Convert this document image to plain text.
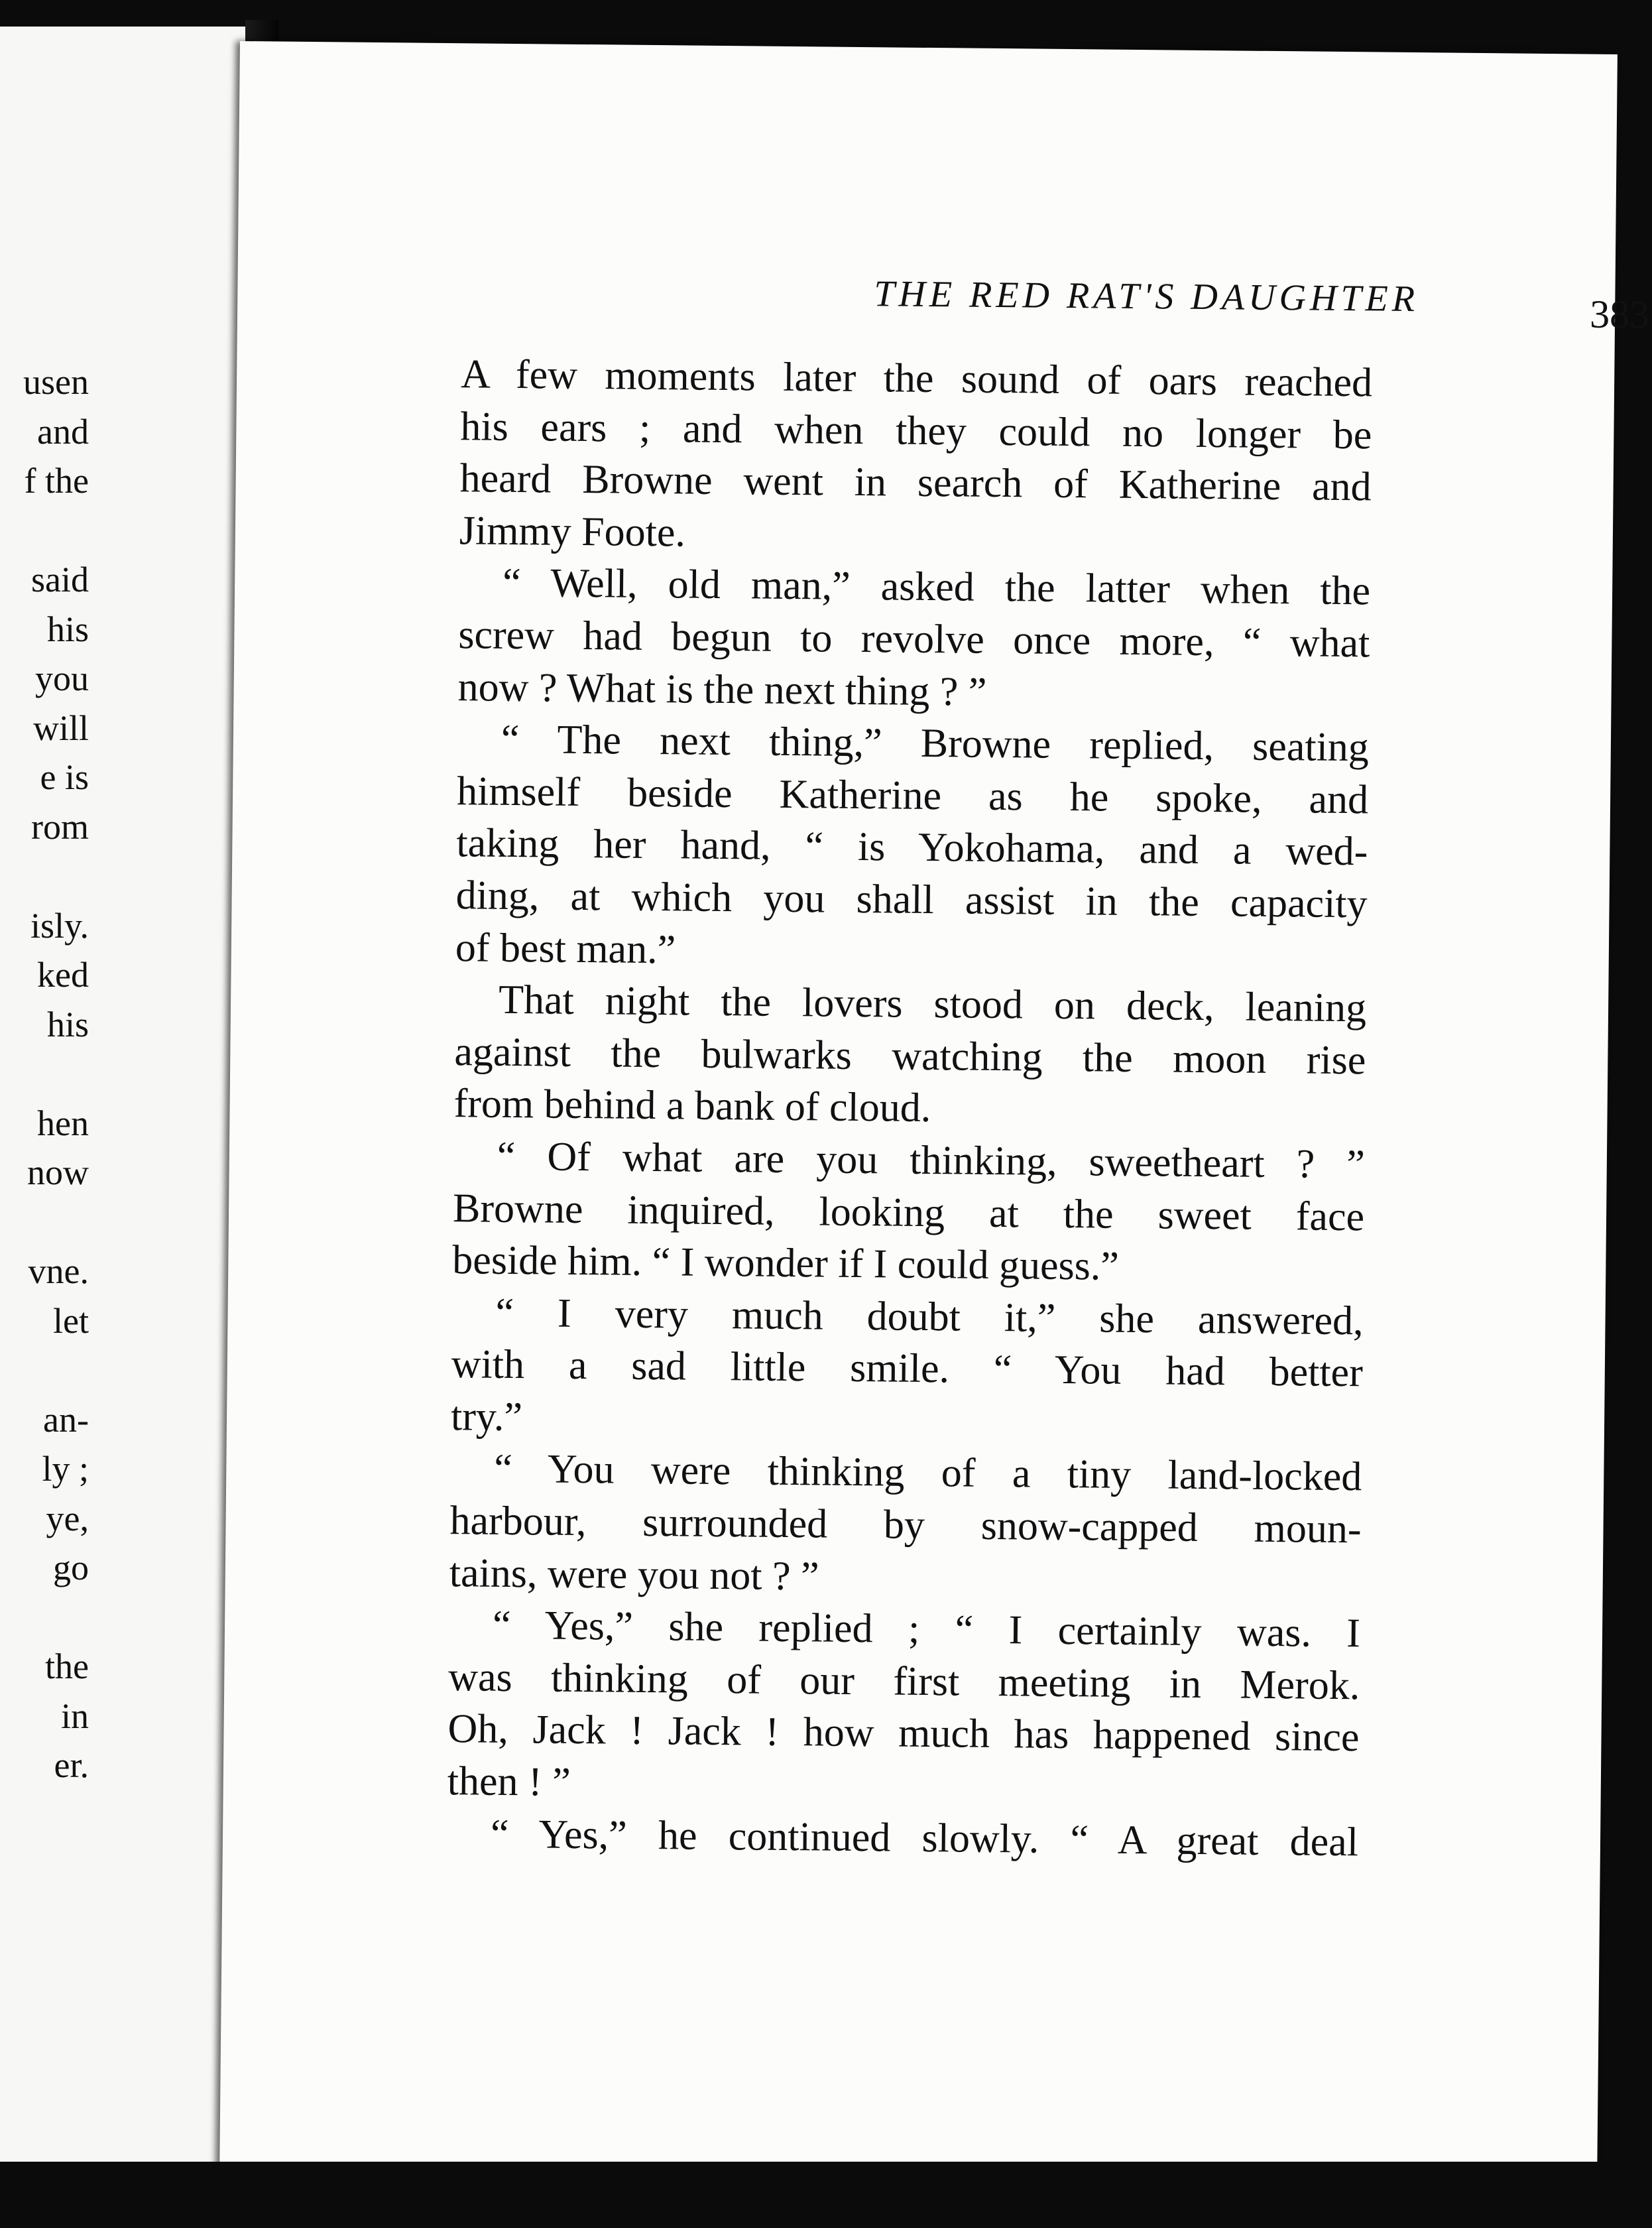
usen
and
f the
said
his
you
will
e is
rom
isly.
ked
his
hen
now
vne.
let
an-
ly ;
ye,
go
the
in
er.
THE RED RAT'S DAUGHTER	383
A few moments later the sound of oars reached
his ears ; and when they could no longer be
heard Browne went in search of Katherine and
Jimmy Foote.
“ Well, old man,” asked the latter when the
screw had begun to revolve once more, “ what
now ? What is the next thing ? ”
“ The next thing,” Browne replied, seating
himself beside Katherine as he spoke, and
taking her hand, “ is Yokohama, and a wed-
ding, at which you shall assist in the capacity
of best man.”
That night the lovers stood on deck, leaning
against the bulwarks watching the moon rise
from behind a bank of cloud.
“ Of what are you thinking, sweetheart ? ”
Browne inquired, looking at the sweet face
beside him. “ I wonder if I could guess.”
“ I very much doubt it,” she answered,
with a sad little smile. “ You had better
try.”
“ You were thinking of a tiny land-locked
harbour, surrounded by snow-capped moun-
tains, were you not ? ”
“ Yes,” she replied ; “ I certainly was. I
was thinking of our first meeting in Merok.
Oh, Jack ! Jack ! how much has happened since
then ! ”
“ Yes,” he continued slowly. “ A great deal
